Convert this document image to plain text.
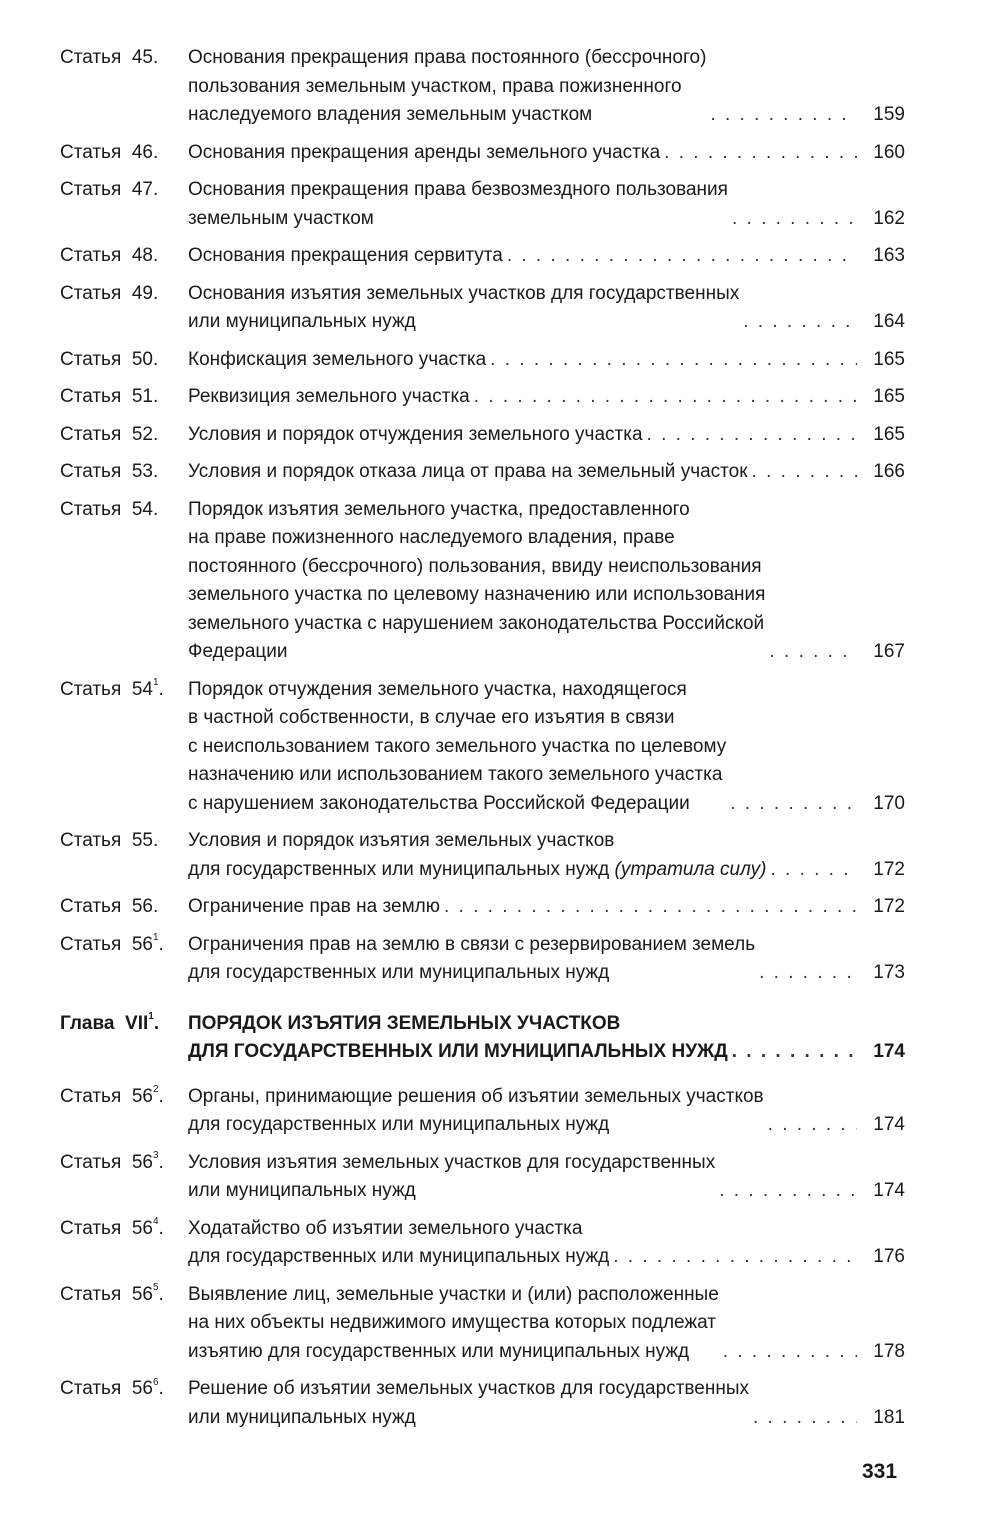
Статья 45.	Основания прекращения права постоянного (бессрочного)
пользования земельным участком, права пожизненного
наследуемого владения земельным участком . . .	159
Статья 46.	Основания прекращения аренды земельного участка . . .	160
Статья 47.	Основания прекращения права безвозмездного пользования
земельным участком . . .	162
Статья 48.	Основания прекращения сервитута . . .	163
Статья 49.	Основания изъятия земельных участков для государственных
или муниципальных нужд . . .	164
Статья 50.	Конфискация земельного участка . . .	165
Статья 51.	Реквизиция земельного участка . . .	165
Статья 52.	Условия и порядок отчуждения земельного участка . . .	165
Статья 53.	Условия и порядок отказа лица от права на земельный участок . . .	166
Статья 54.	Порядок изъятия земельного участка, предоставленного
на праве пожизненного наследуемого владения, праве
постоянного (бессрочного) пользования, ввиду неиспользования
земельного участка по целевому назначению или использования
земельного участка с нарушением законодательства Российской
Федерации . . .	167
Статья $54^1$.	Порядок отчуждения земельного участка, находящегося
в частной собственности, в случае его изъятия в связи
с неиспользованием такого земельного участка по целевому
назначению или использованием такого земельного участка
с нарушением законодательства Российской Федерации . . .	170
Статья 55.	Условия и порядок изъятия земельных участков
для государственных или муниципальных нужд (утратила силу) . . .	172
Статья 56.	Ограничение прав на землю . . .	172
Статья $56^1$.	Ограничения прав на землю в связи с резервированием земель
для государственных или муниципальных нужд . . .	173
Глава VII$^1$.	ПОРЯДОК ИЗЪЯТИЯ ЗЕМЕЛЬНЫХ УЧАСТКОВ
ДЛЯ ГОСУДАРСТВЕННЫХ ИЛИ МУНИЦИПАЛЬНЫХ НУЖД . . .	174
Статья $56^2$.	Органы, принимающие решения об изъятии земельных участков
для государственных или муниципальных нужд . . .	174
Статья $56^3$.	Условия изъятия земельных участков для государственных
или муниципальных нужд . . .	174
Статья $56^4$.	Ходатайство об изъятии земельного участка
для государственных или муниципальных нужд . . .	176
Статья $56^5$.	Выявление лиц, земельные участки и (или) расположенные
на них объекты недвижимого имущества которых подлежат
изъятию для государственных или муниципальных нужд . . .	178
Статья $56^6$.	Решение об изъятии земельных участков для государственных
или муниципальных нужд . . .	181
331
